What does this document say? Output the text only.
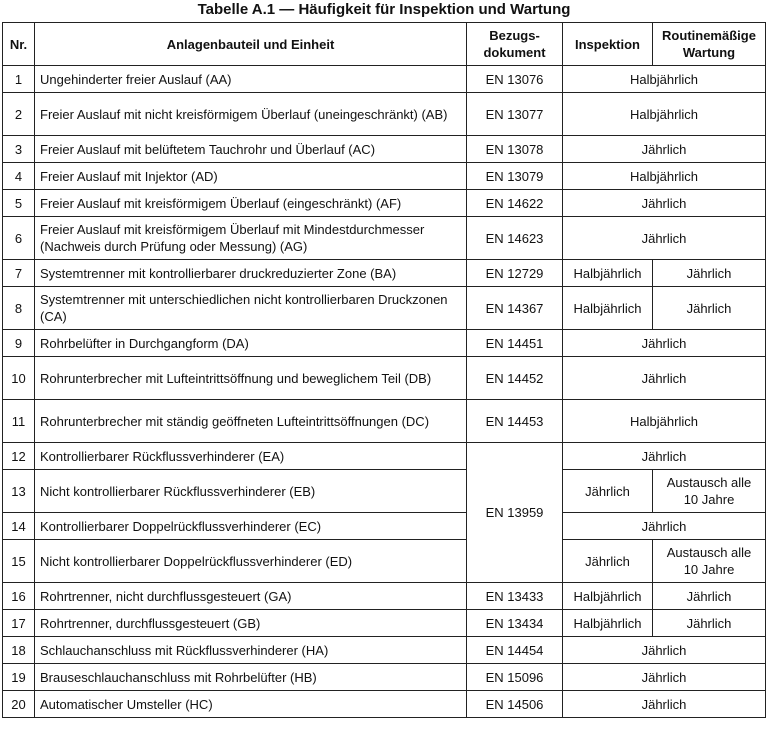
Tabelle A.1 — Häufigkeit für Inspektion und Wartung
Nr.	Anlagenbauteil und Einheit	Bezugs-dokument	Inspektion	Routinemäßige Wartung
1	Ungehinderter freier Auslauf (AA)	EN 13076	Halbjährlich	
2	Freier Auslauf mit nicht kreisförmigem Überlauf (uneingeschränkt) (AB)	EN 13077	Halbjährlich	
3	Freier Auslauf mit belüftetem Tauchrohr und Überlauf (AC)	EN 13078	Jährlich	
4	Freier Auslauf mit Injektor (AD)	EN 13079	Halbjährlich	
5	Freier Auslauf mit kreisförmigem Überlauf (eingeschränkt) (AF)	EN 14622	Jährlich	
6	Freier Auslauf mit kreisförmigem Überlauf mit Mindestdurchmesser (Nachweis durch Prüfung oder Messung) (AG)	EN 14623	Jährlich	
7	Systemtrenner mit kontrollierbarer druckreduzierter Zone (BA)	EN 12729	Halbjährlich	Jährlich
8	Systemtrenner mit unterschiedlichen nicht kontrollierbaren Druckzonen (CA)	EN 14367	Halbjährlich	Jährlich
9	Rohrbelüfter in Durchgangform (DA)	EN 14451	Jährlich	
10	Rohrunterbrecher mit Lufteintrittsöffnung und beweglichem Teil (DB)	EN 14452	Jährlich	
11	Rohrunterbrecher mit ständig geöffneten Lufteintrittsöffnungen (DC)	EN 14453	Halbjährlich	
12	Kontrollierbarer Rückflussverhinderer (EA)	EN 13959	Jährlich	
13	Nicht kontrollierbarer Rückflussverhinderer (EB)		Jährlich	Austausch alle 10 Jahre
14	Kontrollierbarer Doppelrückflussverhinderer (EC)		Jährlich	
15	Nicht kontrollierbarer Doppelrückflussverhinderer (ED)		Jährlich	Austausch alle 10 Jahre
16	Rohrtrenner, nicht durchflussgesteuert (GA)	EN 13433	Halbjährlich	Jährlich
17	Rohrtrenner, durchflussgesteuert (GB)	EN 13434	Halbjährlich	Jährlich
18	Schlauchanschluss mit Rückflussverhinderer (HA)	EN 14454	Jährlich	
19	Brauseschlauchanschluss mit Rohrbelüfter (HB)	EN 15096	Jährlich	
20	Automatischer Umsteller (HC)	EN 14506	Jährlich	
